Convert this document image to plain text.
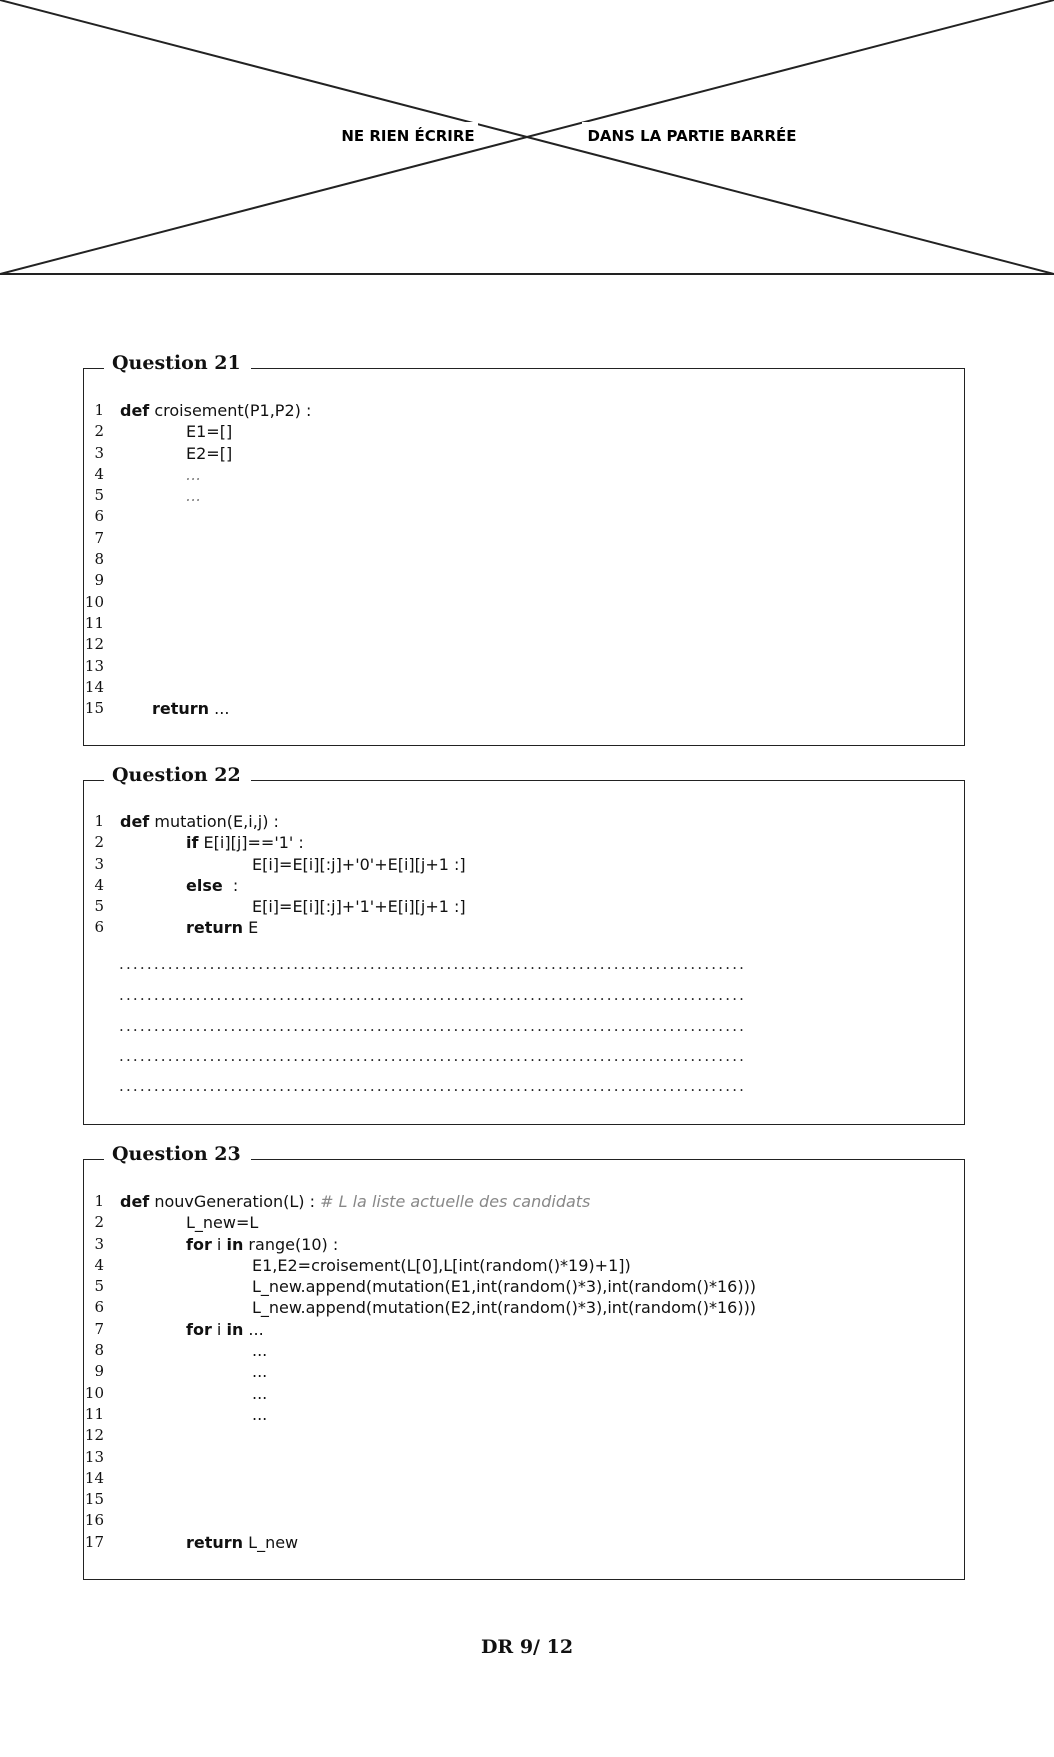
NE RIEN ÉCRIRE	DANS LA PARTIE BARRÉE
Question 21
1 def croisement(P1,P2) :
2	E1=[]
3	E2=[]
4	...
5	...
6
7
8
9
10
11
12
13
14
15	return ...
Question 22
1 def mutation(E,i,j) :
2	if E[i][j]=='1' :
3	E[i]=E[i][:j]+'0'+E[i][j+1 :]
4	else  :
5	E[i]=E[i][:j]+'1'+E[i][j+1 :]
6	return E
..........................................................................................
..........................................................................................
..........................................................................................
..........................................................................................
..........................................................................................
Question 23
1 def nouvGeneration(L) : # L la liste actuelle des candidats
2	L_new=L
3	for i in range(10) :
4	E1,E2=croisement(L[0],L[int(random()*19)+1])
5	L_new.append(mutation(E1,int(random()*3),int(random()*16)))
6	L_new.append(mutation(E2,int(random()*3),int(random()*16)))
7	for i in ...
8	...
9	...
10	...
11	...
12
13
14
15
16
17	return L_new
DR 9/ 12
